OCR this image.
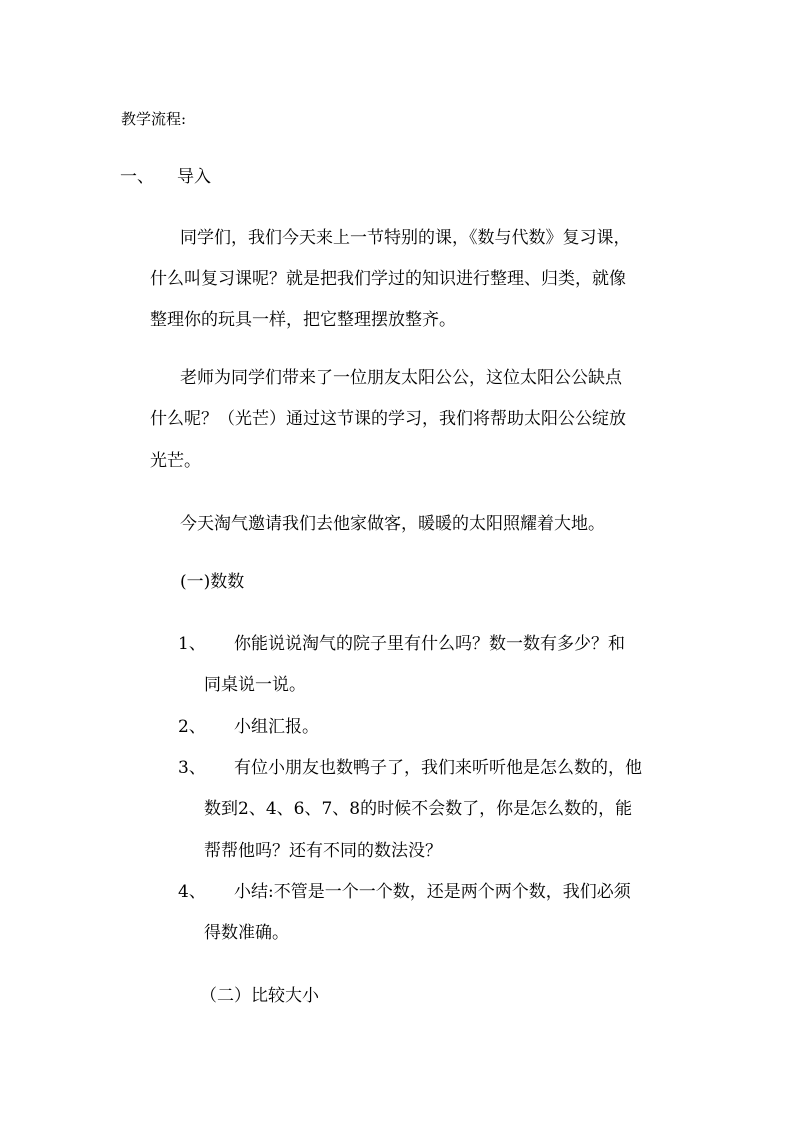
教学流程:
一、 导入
同学们，我们今天来上一节特别的课，《数与代数》复习课，
什么叫复习课呢？就是把我们学过的知识进行整理、归类，就像
整理你的玩具一样，把它整理摆放整齐。
老师为同学们带来了一位朋友太阳公公，这位太阳公公缺点
什么呢？（光芒）通过这节课的学习，我们将帮助太阳公公绽放
光芒。
今天淘气邀请我们去他家做客，暖暖的太阳照耀着大地。
(一)数数
1、 你能说说淘气的院子里有什么吗？数一数有多少？和
同桌说一说。
2、 小组汇报。
3、 有位小朋友也数鸭子了，我们来听听他是怎么数的，他
数到2、4、6、7、8的时候不会数了，你是怎么数的，能
帮帮他吗？还有不同的数法没？
4、 小结:不管是一个一个数，还是两个两个数，我们必须
得数准确。
（二）比较大小
